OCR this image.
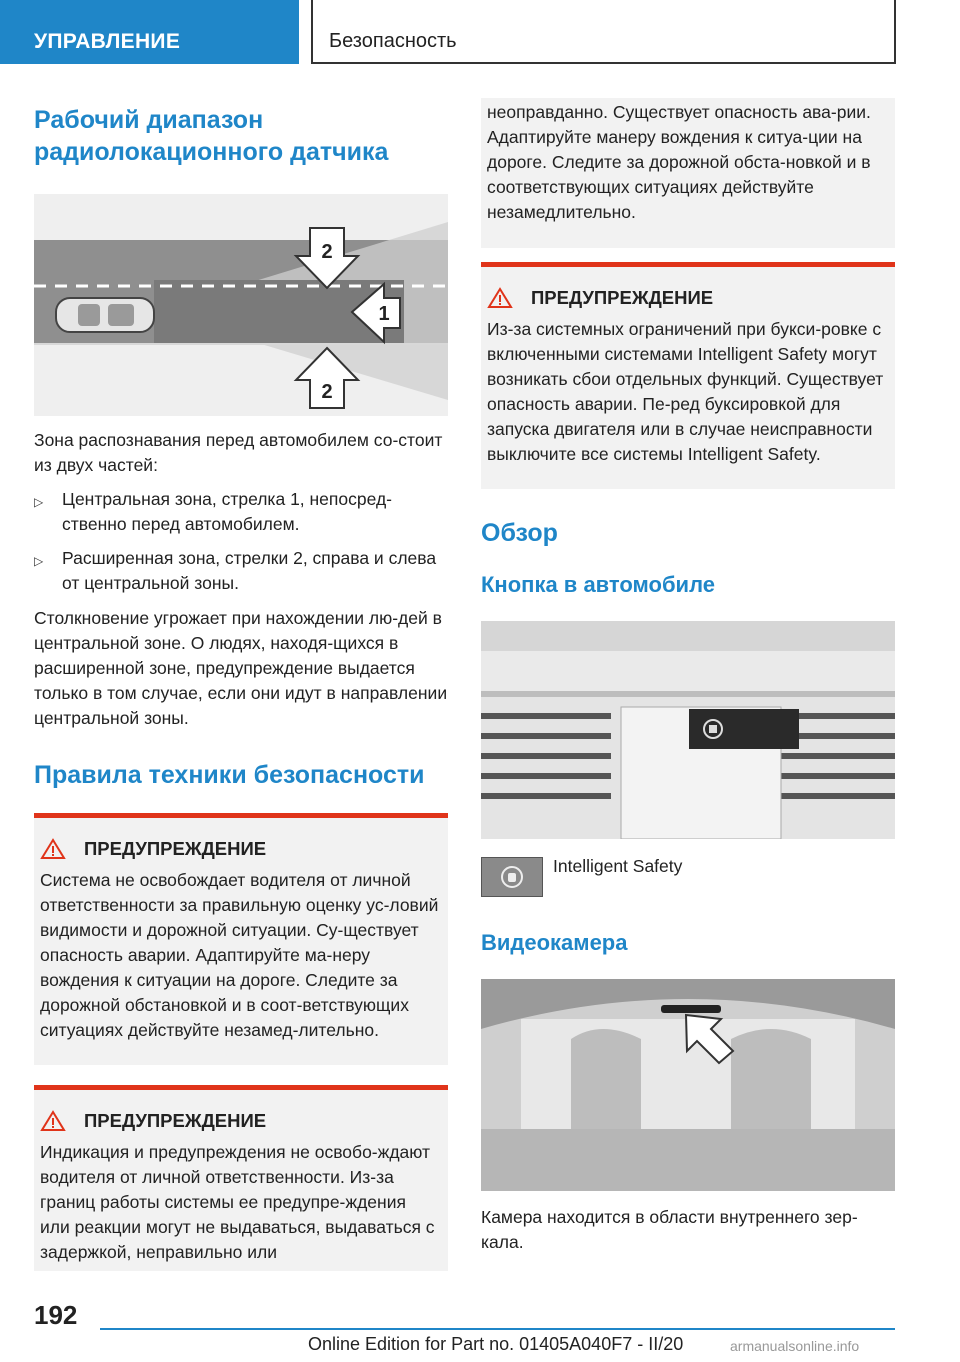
УПРАВЛЕНИЕ	Безопасность
Рабочий диапазон радиолокационного датчика
2
1
2

Зона распознавания перед автомобилем со-стоит из двух частей:

▷	Центральная зона, стрелка 1, непосред-ственно перед автомобилем.
▷	Расширенная зона, стрелки 2, справа и слева от центральной зоны.

Столкновение угрожает при нахождении лю-дей в центральной зоне. О людях, находя-щихся в расширенной зоне, предупреждение выдается только в том случае, если они идут в направлении центральной зоны.

Правила техники безопасности
ПРЕДУПРЕЖДЕНИЕ

Система не освобождает водителя от личной ответственности за правильную оценку ус-ловий видимости и дорожной ситуации. Су-ществует опасность аварии. Адаптируйте ма-неру вождения к ситуации на дороге. Следите за дорожной обстановкой и в соот-ветствующих ситуациях действуйте незамед-лительно.

ПРЕДУПРЕЖДЕНИЕ

Индикация и предупреждения не освобо-ждают водителя от личной ответственности. Из-за границ работы системы ее предупре-ждения или реакции могут не выдаваться, выдаваться с задержкой, неправильно или

неоправданно. Существует опасность ава-рии. Адаптируйте манеру вождения к ситуа-ции на дороге. Следите за дорожной обста-новкой и в соответствующих ситуациях действуйте незамедлительно.

ПРЕДУПРЕЖДЕНИЕ

Из-за системных ограничений при букси-ровке с включенными системами Intelligent Safety могут возникать сбои отдельных функций. Существует опасность аварии. Пе-ред буксировкой для запуска двигателя или в случае неисправности выключите все системы Intelligent Safety.

Обзор
Кнопка в автомобиле
Intelligent Safety
Видеокамера

Камера находится в области внутреннего зер-кала.

192
Online Edition for Part no. 01405A040F7 - II/20	armanualsonline.info
